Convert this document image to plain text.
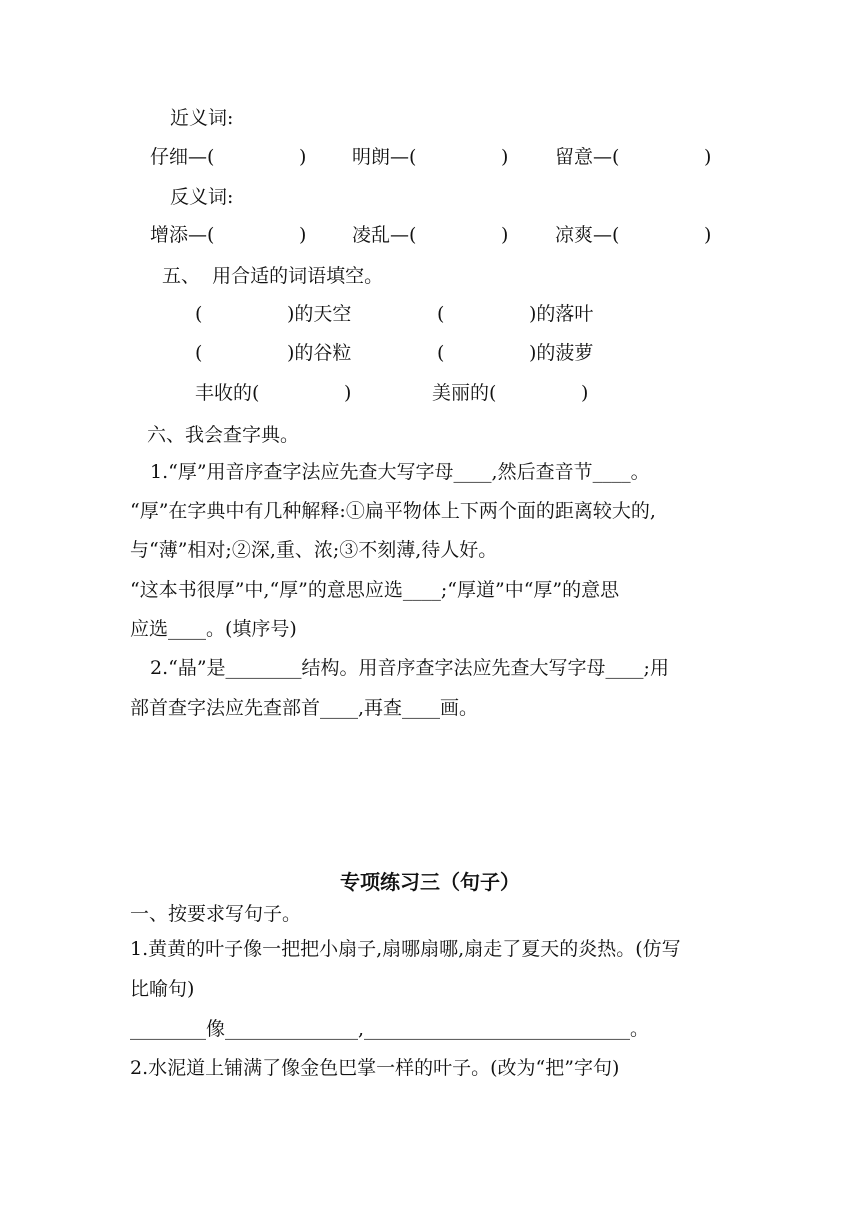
近义词:
仔细—(              ) 明朗—(              ) 留意—(              )
反义词:
增添—(              ) 凌乱—(              ) 凉爽—(              )
五、  用合适的词语填空。
(              )的天空	(              )的落叶
(              )的谷粒	(              )的菠萝
丰收的(              )	美丽的(              )
六、我会查字典。
1.“厚”用音序查字法应先查大写字母____,然后查音节____。
“厚”在字典中有几种解释:①扁平物体上下两个面的距离较大的,
与“薄”相对;②深,重、浓;③不刻薄,待人好。
“这本书很厚”中,“厚”的意思应选____;“厚道”中“厚”的意思
应选____。(填序号)
2.“晶”是________结构。用音序查字法应先查大写字母____;用
部首查字法应先查部首____,再查____画。
专项练习三（句子）
一、按要求写句子。
1.黄黄的叶子像一把把小扇子,扇哪扇哪,扇走了夏天的炎热。(仿写
比喻句)
________像______________,____________________________。
2.水泥道上铺满了像金色巴掌一样的叶子。(改为“把”字句)
